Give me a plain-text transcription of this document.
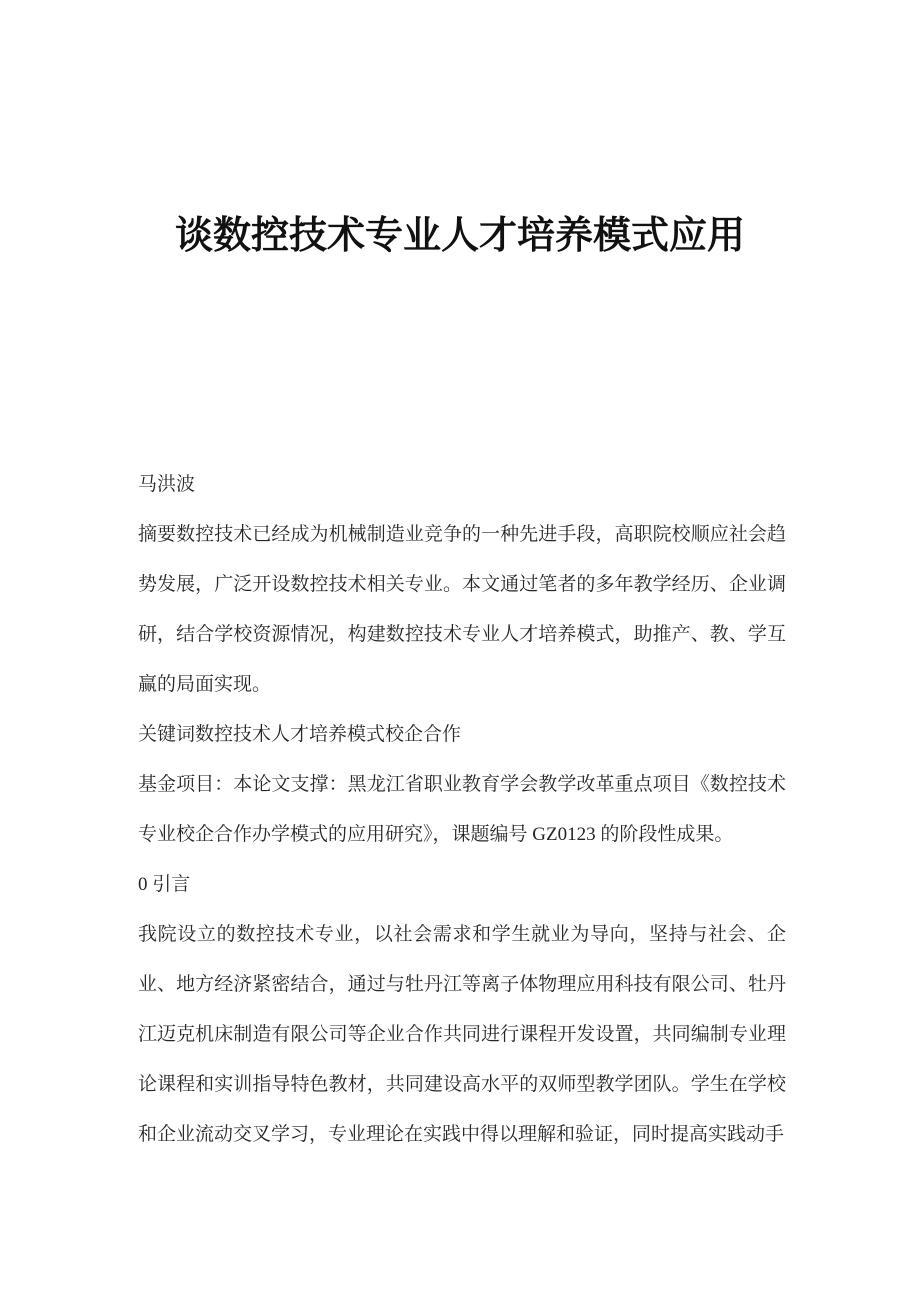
谈数控技术专业人才培养模式应用

马洪波

摘要数控技术已经成为机械制造业竞争的一种先进手段，高职院校顺应社会趋势发展，广泛开设数控技术相关专业。本文通过笔者的多年教学经历、企业调研，结合学校资源情况，构建数控技术专业人才培养模式，助推产、教、学互赢的局面实现。

关键词数控技术人才培养模式校企合作

基金项目：本论文支撑：黑龙江省职业教育学会教学改革重点项目《数控技术专业校企合作办学模式的应用研究》，课题编号 GZ0123 的阶段性成果。

0 引言

我院设立的数控技术专业，以社会需求和学生就业为导向，坚持与社会、企业、地方经济紧密结合，通过与牡丹江等离子体物理应用科技有限公司、牡丹江迈克机床制造有限公司等企业合作共同进行课程开发设置，共同编制专业理论课程和实训指导特色教材，共同建设高水平的双师型教学团队。学生在学校和企业流动交叉学习，专业理论在实践中得以理解和验证，同时提高实践动手
